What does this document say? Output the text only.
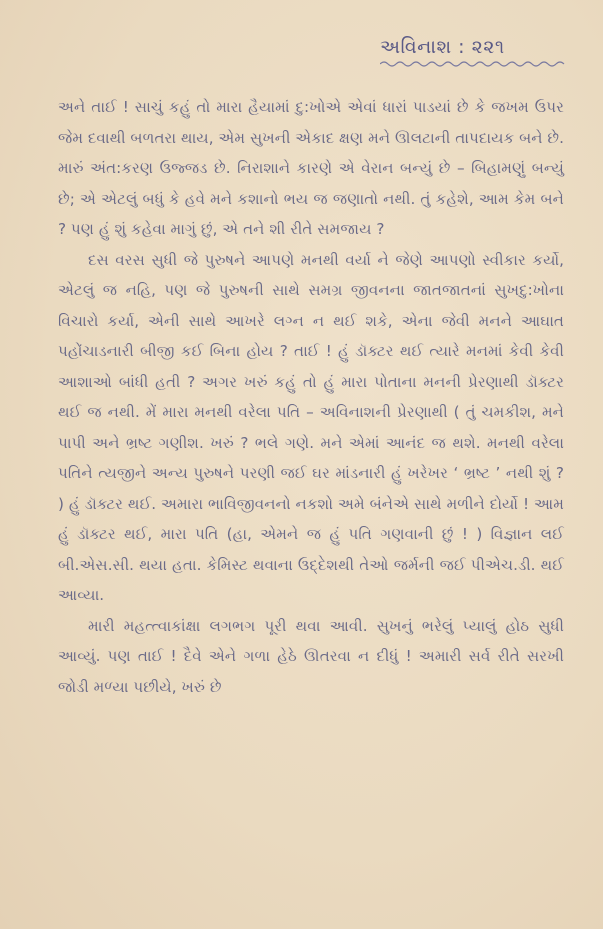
અવિનાશ : ૨૨૧

અને તાઈ ! સાચું કહું તો મારા હૈયામાં દુ:ખોએ એવાં ધારાં પાડયાં છે કે જખમ ઉપર જેમ દવાથી બળતરા થાય, એમ સુખની એકાદ ક્ષણ મને ઊલટાની તાપદાયક બને છે. મારું અંત:કરણ ઉજ્જડ છે. નિરાશાને કારણે એ વેરાન બન્યું છે – બિહામણું બન્યું છે; એ એટલું બધું કે હવે મને કશાનો ભય જ જણાતો નથી. તું કહેશે, આમ કેમ બને ? પણ હું શું કહેવા માગું છું, એ તને શી રીતે સમજાય ?

દસ વરસ સુધી જે પુરુષને આપણે મનથી વર્યા ને જેણે આપણો સ્વીકાર કર્યો, એટલું જ નહિ, પણ જે પુરુષની સાથે સમગ્ર જીવનના જાતજાતનાં સુખદુ:ખોના વિચારો કર્યા, એની સાથે આખરે લગ્ન ન થઈ શકે, એના જેવી મનને આઘાત પહોંચાડનારી બીજી કઈ બિના હોય ? તાઈ ! હું ડૉક્ટર થઈ ત્યારે મનમાં કેવી કેવી આશાઓ બાંધી હતી ? અગર ખરું કહું તો હું મારા પોતાના મનની પ્રેરણાથી ડૉક્ટર થઈ જ નથી. મેં મારા મનથી વરેલા પતિ – અવિનાશની પ્રેરણાથી ( તું ચમકીશ, મને પાપી અને ભ્રષ્ટ ગણીશ. ખરું ? ભલે ગણે. મને એમાં આનંદ જ થશે. મનથી વરેલા પતિને ત્યજીને અન્ય પુરુષને પરણી જઈ ઘર માંડનારી હું ખરેખર ‘ ભ્રષ્ટ ’ નથી શું ? ) હું ડૉક્ટર થઈ. અમારા ભાવિજીવનનો નકશો અમે બંનેએ સાથે મળીને દોર્યો ! આમ હું ડૉક્ટર થઈ, મારા પતિ (હા, એમને જ હું પતિ ગણવાની છું ! ) વિજ્ઞાન લઈ બી.એસ.સી. થયા હતા. કેમિસ્ટ થવાના ઉદ્દેશથી તેઓ જર્મની જઈ પીએચ.ડી. થઈ આવ્યા.

મારી મહત્ત્વાકાંક્ષા લગભગ પૂરી થવા આવી. સુખનું ભરેલું પ્યાલું હોઠ સુધી આવ્યું. પણ તાઈ ! દૈવે એને ગળા હેઠે ઊતરવા ન દીધું ! અમારી સર્વ રીતે સરખી જોડી મળ્યા પછીયે, ખરું છે
